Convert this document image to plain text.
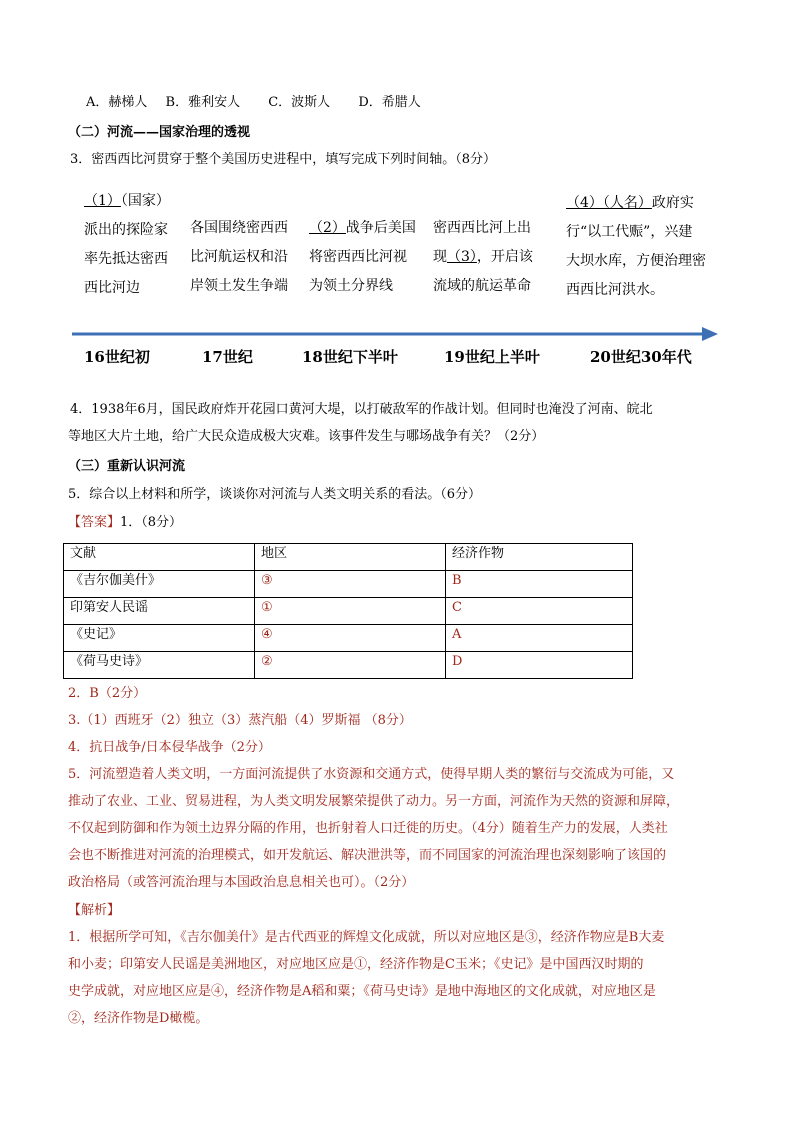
A．赫梯人 B．雅利安人 C．波斯人 D．希腊人
（二）河流——国家治理的透视
3．密西西比河贯穿于整个美国历史进程中，填写完成下列时间轴。（8分）
（1）（国家）派出的探险家率先抵达密西西比河边
各国围绕密西西比河航运权和沿岸领土发生争端
（2）战争后美国将密西西比河视为领土分界线
密西西比河上出现（3），开启该流域的航运革命
（4）（人名）政府实行“以工代赈”，兴建大坝水库，方便治理密西西比河洪水。
16世纪初	17世纪	18世纪下半叶	19世纪上半叶	20世纪30年代
4．1938年6月，国民政府炸开花园口黄河大堤，以打破敌军的作战计划。但同时也淹没了河南、皖北
等地区大片土地，给广大民众造成极大灾难。该事件发生与哪场战争有关？（2分）
（三）重新认识河流
5．综合以上材料和所学，谈谈你对河流与人类文明关系的看法。（6分）
【答案】1．（8分）
文献	地区	经济作物
《吉尔伽美什》	③	B
印第安人民谣	①	C
《史记》	④	A
《荷马史诗》	②	D
2．B（2分）
3.（1）西班牙（2）独立（3）蒸汽船（4）罗斯福 （8分）
4．抗日战争/日本侵华战争（2分）
5．河流塑造着人类文明，一方面河流提供了水资源和交通方式，使得早期人类的繁衍与交流成为可能，又
推动了农业、工业、贸易进程，为人类文明发展繁荣提供了动力。另一方面，河流作为天然的资源和屏障，
不仅起到防御和作为领土边界分隔的作用，也折射着人口迁徙的历史。（4分）随着生产力的发展，人类社
会也不断推进对河流的治理模式，如开发航运、解决泄洪等，而不同国家的河流治理也深刻影响了该国的
政治格局（或答河流治理与本国政治息息相关也可）。（2分）
【解析】
1．根据所学可知，《吉尔伽美什》是古代西亚的辉煌文化成就，所以对应地区是③，经济作物应是B大麦
和小麦；印第安人民谣是美洲地区，对应地区应是①，经济作物是C玉米；《史记》是中国西汉时期的
史学成就，对应地区应是④，经济作物是A稻和粟；《荷马史诗》是地中海地区的文化成就，对应地区是
②，经济作物是D橄榄。
